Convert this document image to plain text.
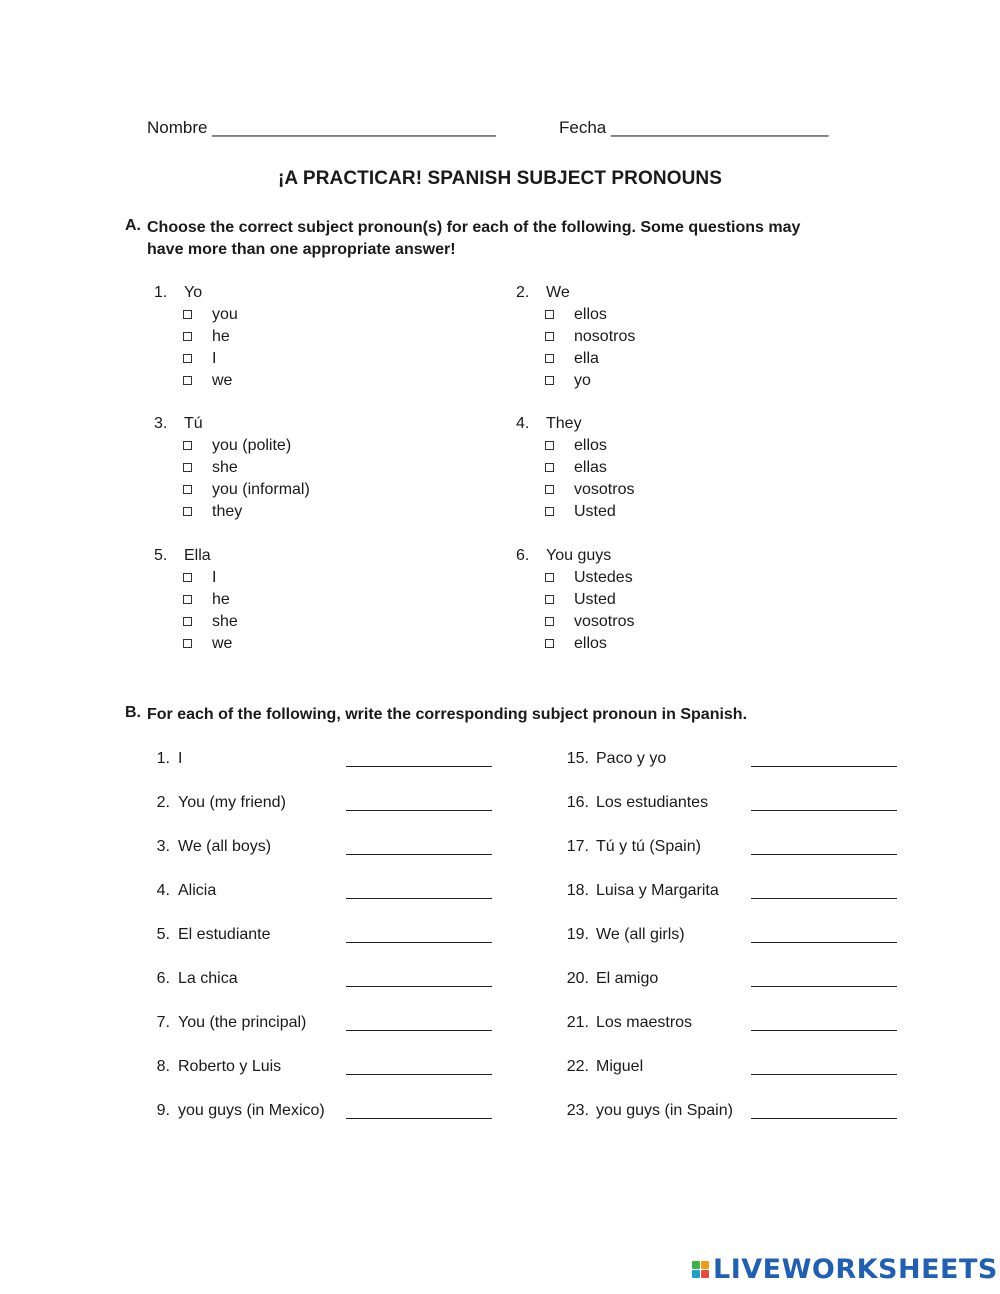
Nombre ______________________________	Fecha _______________________
¡A PRACTICAR! SPANISH SUBJECT PRONOUNS
A. Choose the correct subject pronoun(s) for each of the following. Some questions may have more than one appropriate answer!
1. Yo
you
he
I
we
2. We
ellos
nosotros
ella
yo
3. Tú
you (polite)
she
you (informal)
they
4. They
ellos
ellas
vosotros
Usted
5. Ella
I
he
she
we
6. You guys
Ustedes
Usted
vosotros
ellos
B. For each of the following, write the corresponding subject pronoun in Spanish.
1. I
2. You (my friend)
3. We (all boys)
4. Alicia
5. El estudiante
6. La chica
7. You (the principal)
8. Roberto y Luis
9. you guys (in Mexico)
15. Paco y yo
16. Los estudiantes
17. Tú y tú (Spain)
18. Luisa y Margarita
19. We (all girls)
20. El amigo
21. Los maestros
22. Miguel
23. you guys (in Spain)
LIVEWORKSHEETS
